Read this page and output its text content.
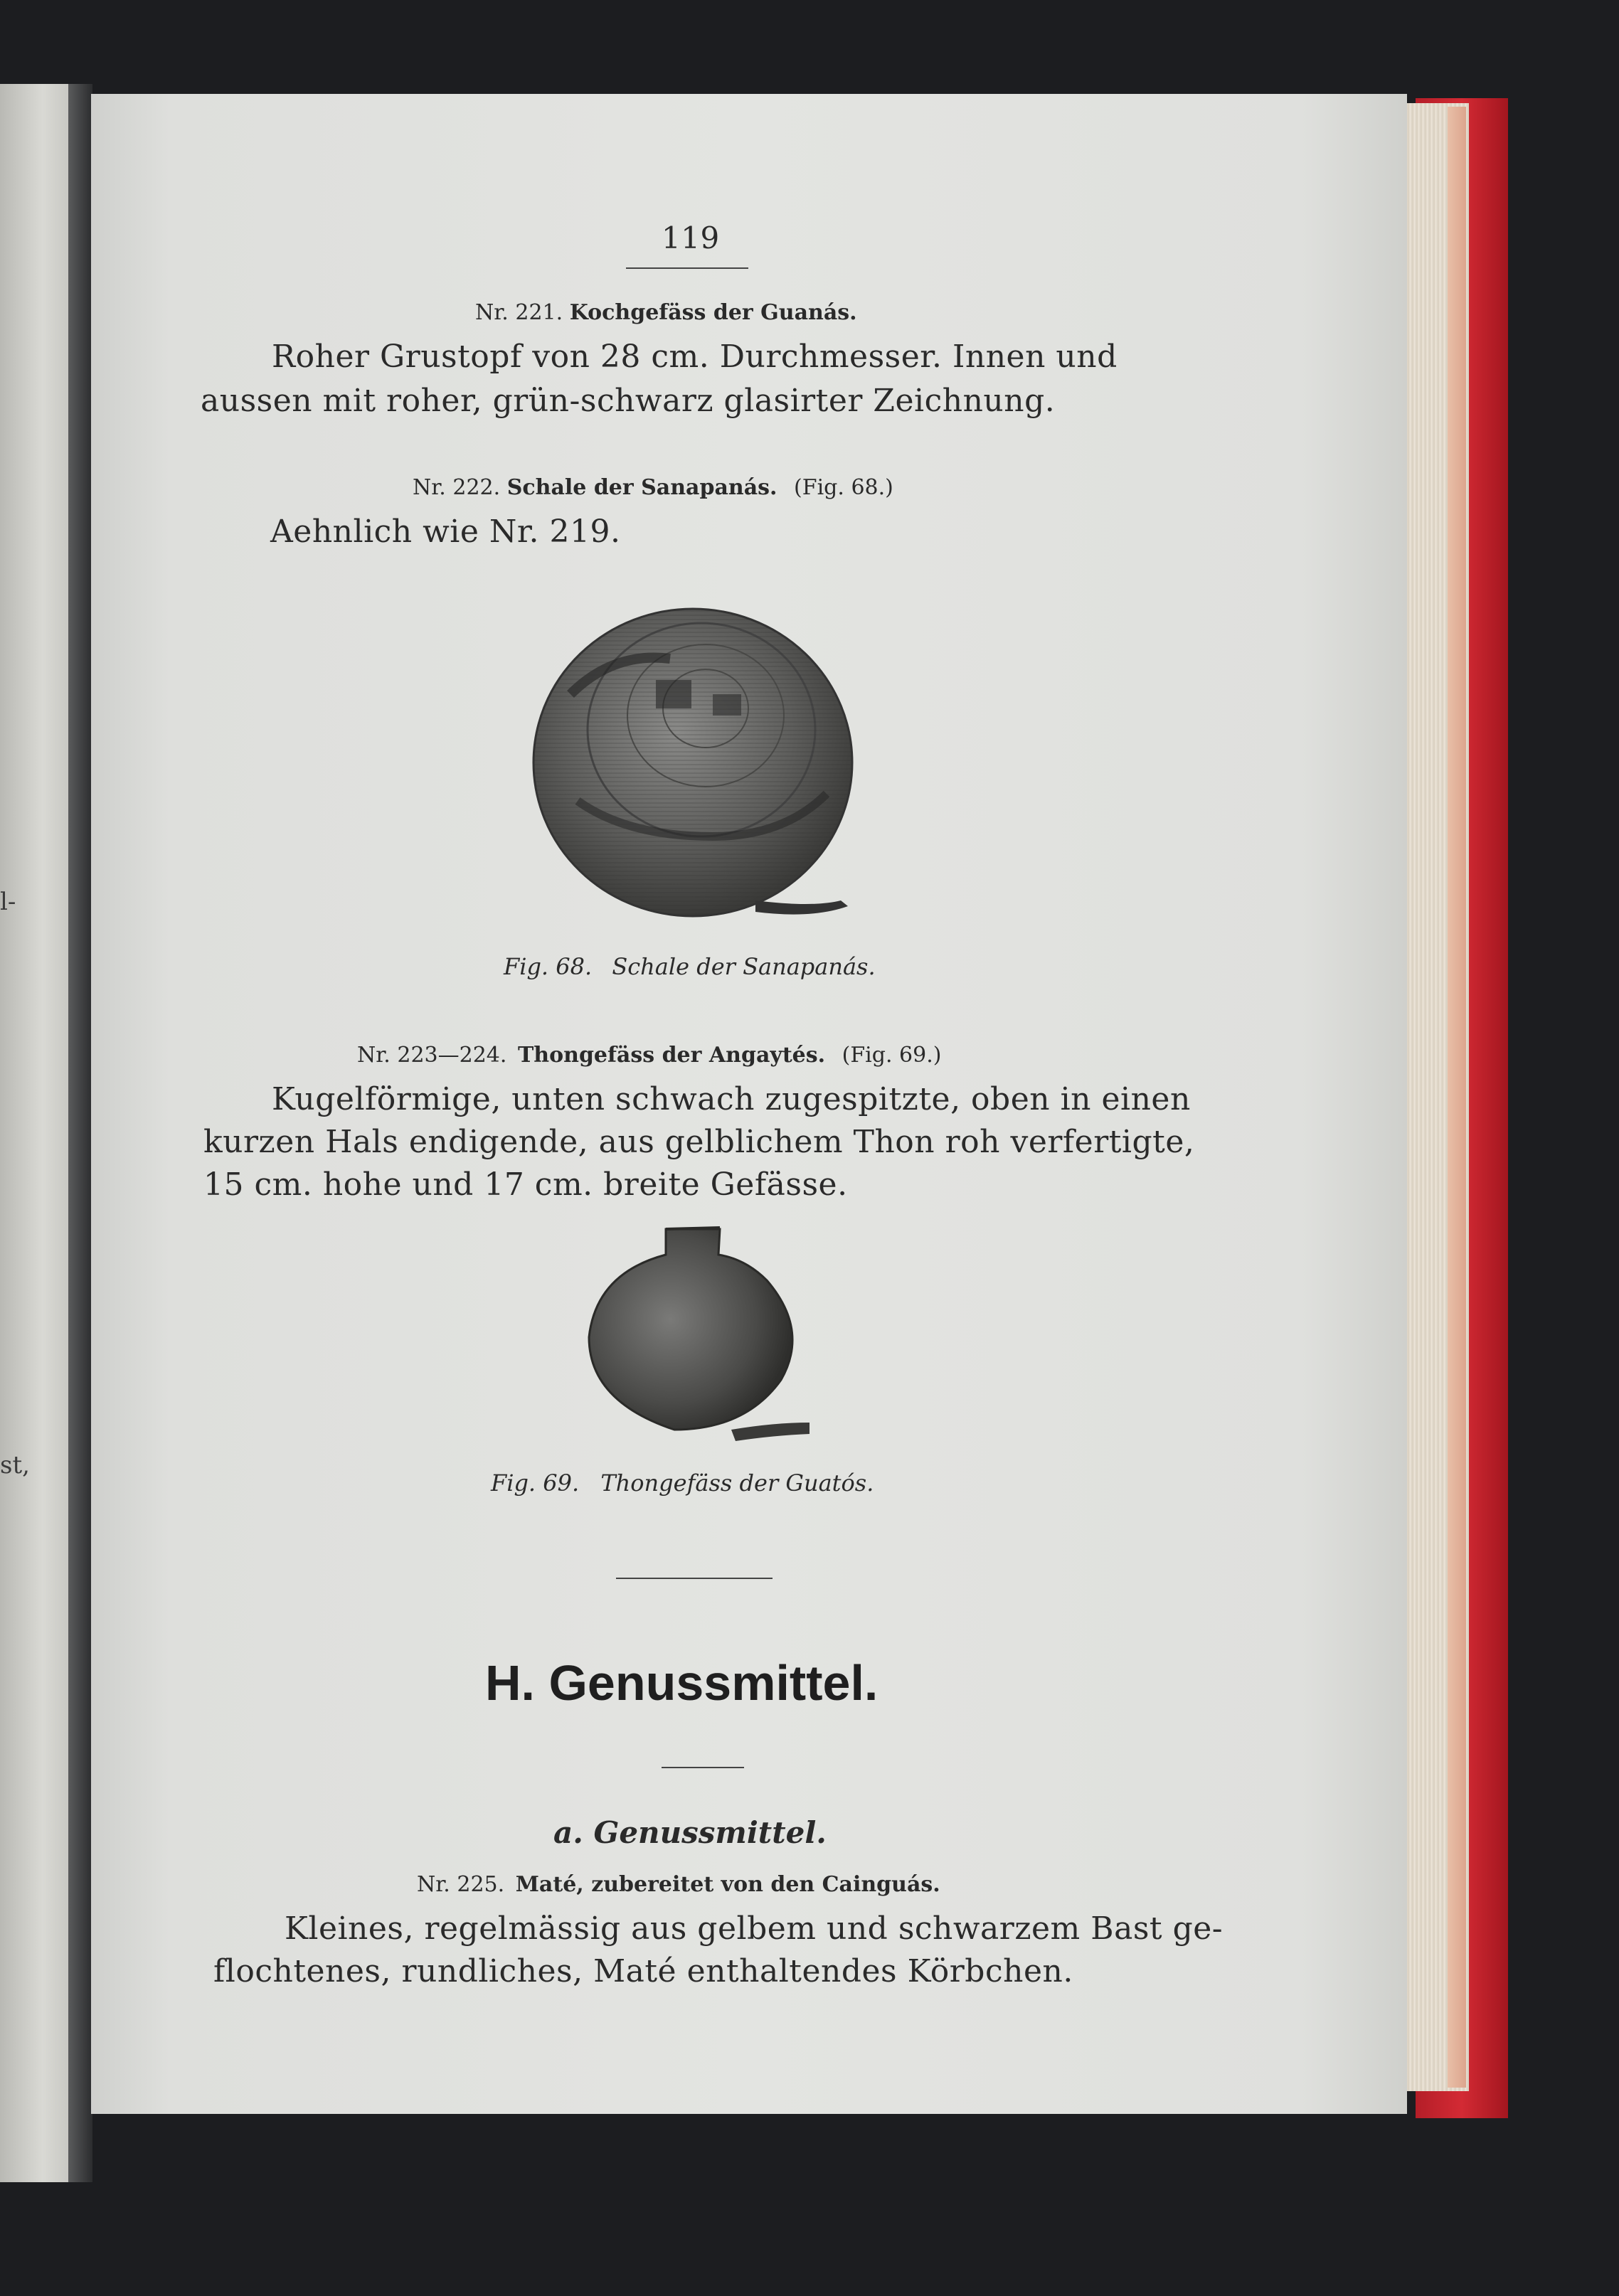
l-
st,
119
Nr. 221. Kochgefäss der Guanás.
Roher Grustopf von 28 cm. Durchmesser. Innen und
aussen mit roher, grün-schwarz glasirter Zeichnung.
Nr. 222. Schale der Sanapanás. (Fig. 68.)
Aehnlich wie Nr. 219.
Fig. 68. Schale der Sanapanás.
Nr. 223—224. Thongefäss der Angaytés. (Fig. 69.)
Kugelförmige, unten schwach zugespitzte, oben in einen
kurzen Hals endigende, aus gelblichem Thon roh verfertigte,
15 cm. hohe und 17 cm. breite Gefässe.
Fig. 69. Thongefäss der Guatós.
H. Genussmittel.
a. Genussmittel.
Nr. 225. Maté, zubereitet von den Cainguás.
Kleines, regelmässig aus gelbem und schwarzem Bast ge-
flochtenes, rundliches, Maté enthaltendes Körbchen.
